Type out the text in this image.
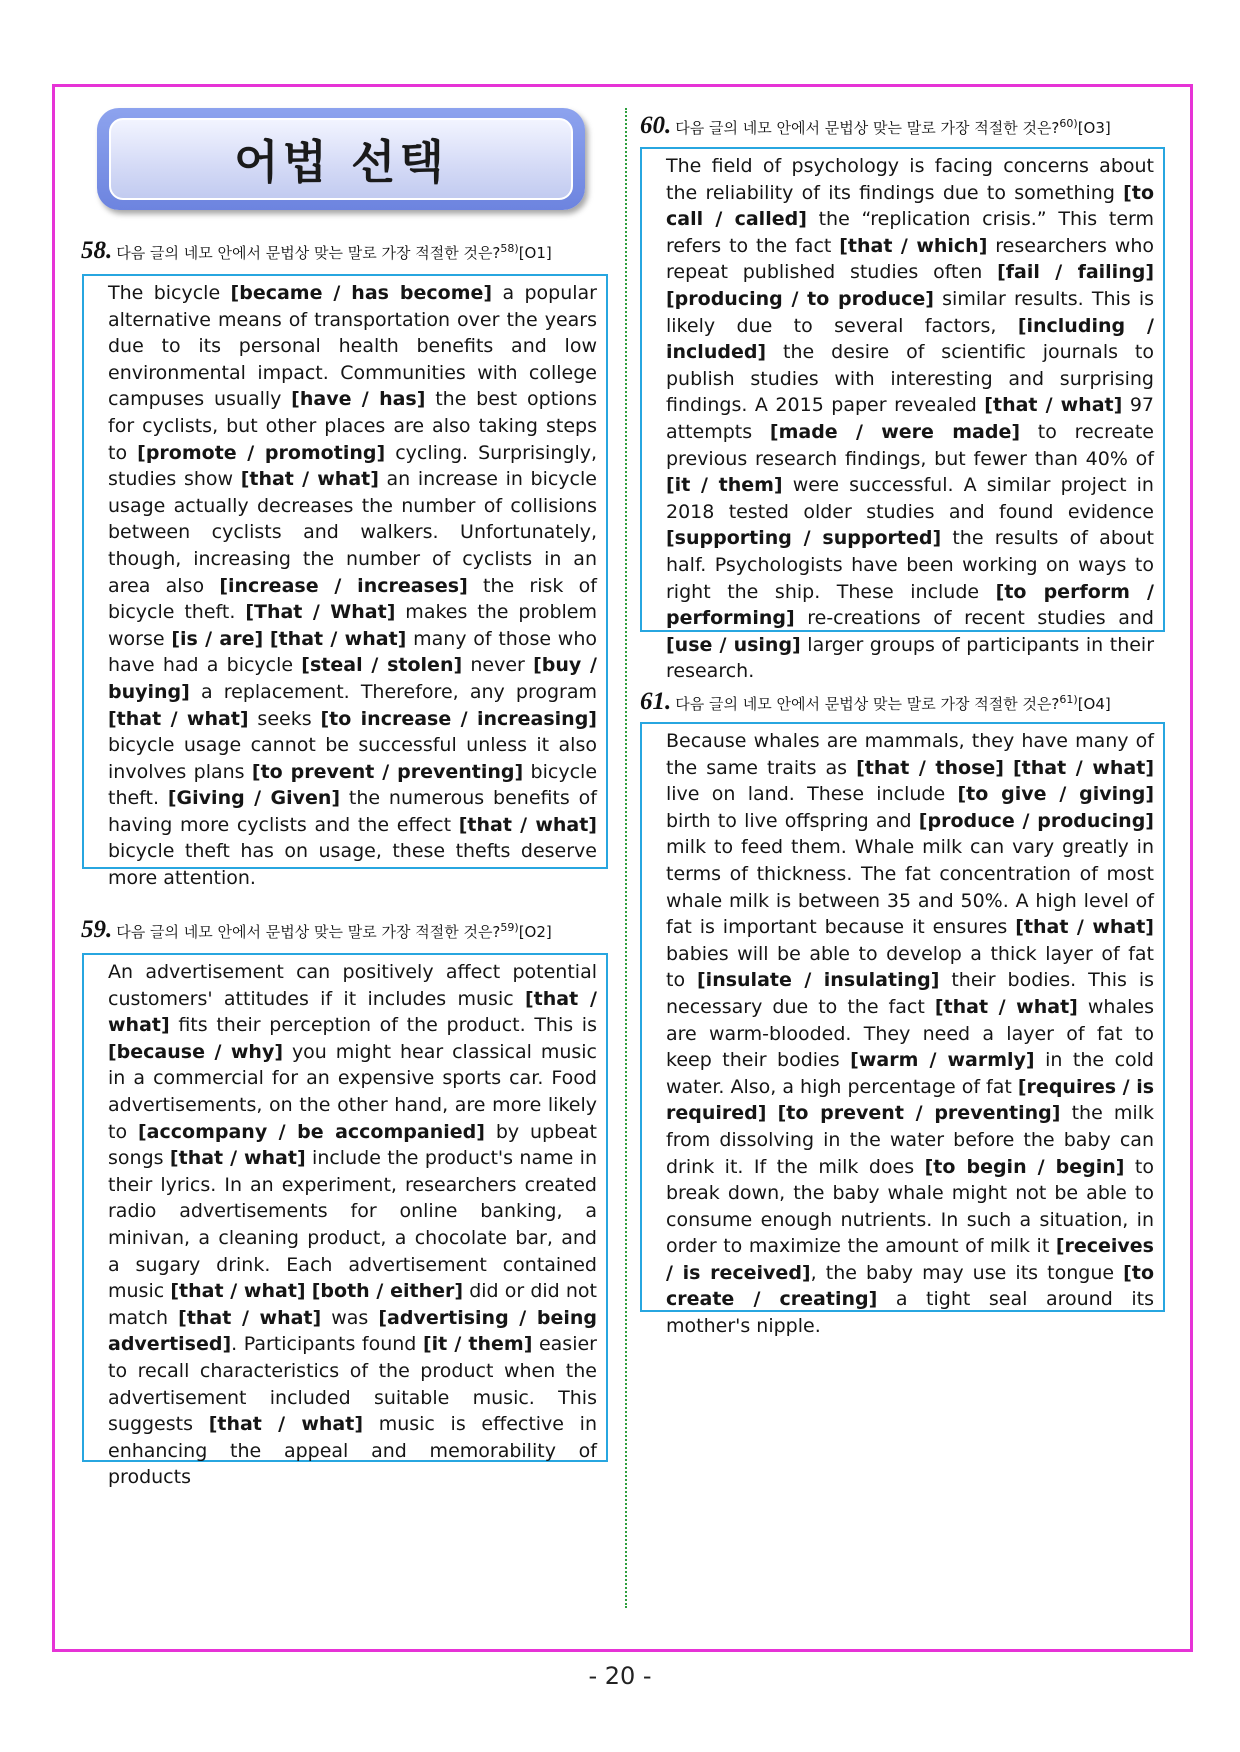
어법 선택
58. 다음 글의 네모 안에서 문법상 맞는 말로 가장 적절한 것은?$^{58)}$[O1]
The bicycle [became / has become] a popular alternative means of transportation over the years due to its personal health benefits and low environmental impact. Communities with college campuses usually [have / has] the best options for cyclists, but other places are also taking steps to [promote / promoting] cycling. Surprisingly, studies show [that / what] an increase in bicycle usage actually decreases the number of collisions between cyclists and walkers. Unfortunately, though, increasing the number of cyclists in an area also [increase / increases] the risk of bicycle theft. [That / What] makes the problem worse [is / are] [that / what] many of those who have had a bicycle [steal / stolen] never [buy / buying] a replacement. Therefore, any program [that / what] seeks [to increase / increasing] bicycle usage cannot be successful unless it also involves plans [to prevent / preventing] bicycle theft. [Giving / Given] the numerous benefits of having more cyclists and the effect [that / what] bicycle theft has on usage, these thefts deserve more attention.
59. 다음 글의 네모 안에서 문법상 맞는 말로 가장 적절한 것은?$^{59)}$[O2]
An advertisement can positively affect potential customers' attitudes if it includes music [that / what] fits their perception of the product. This is [because / why] you might hear classical music in a commercial for an expensive sports car. Food advertisements, on the other hand, are more likely to [accompany / be accompanied] by upbeat songs [that / what] include the product's name in their lyrics. In an experiment, researchers created radio advertisements for online banking, a minivan, a cleaning product, a chocolate bar, and a sugary drink. Each advertisement contained music [that / what] [both / either] did or did not match [that / what] was [advertising / being advertised]. Participants found [it / them] easier to recall characteristics of the product when the advertisement included suitable music. This suggests [that / what] music is effective in enhancing the appeal and memorability of products
60. 다음 글의 네모 안에서 문법상 맞는 말로 가장 적절한 것은?$^{60)}$[O3]
The field of psychology is facing concerns about the reliability of its findings due to something [to call / called] the “replication crisis.” This term refers to the fact [that / which] researchers who repeat published studies often [fail / failing] [producing / to produce] similar results. This is likely due to several factors, [including / included] the desire of scientific journals to publish studies with interesting and surprising findings. A 2015 paper revealed [that / what] 97 attempts [made / were made] to recreate previous research findings, but fewer than 40% of [it / them] were successful. A similar project in 2018 tested older studies and found evidence [supporting / supported] the results of about half. Psychologists have been working on ways to right the ship. These include [to perform / performing] re-creations of recent studies and [use / using] larger groups of participants in their research.
61. 다음 글의 네모 안에서 문법상 맞는 말로 가장 적절한 것은?$^{61)}$[O4]
Because whales are mammals, they have many of the same traits as [that / those] [that / what] live on land. These include [to give / giving] birth to live offspring and [produce / producing] milk to feed them. Whale milk can vary greatly in terms of thickness. The fat concentration of most whale milk is between 35 and 50%. A high level of fat is important because it ensures [that / what] babies will be able to develop a thick layer of fat to [insulate / insulating] their bodies. This is necessary due to the fact [that / what] whales are warm-blooded. They need a layer of fat to keep their bodies [warm / warmly] in the cold water. Also, a high percentage of fat [requires / is required] [to prevent / preventing] the milk from dissolving in the water before the baby can drink it. If the milk does [to begin / begin] to break down, the baby whale might not be able to consume enough nutrients. In such a situation, in order to maximize the amount of milk it [receives / is received], the baby may use its tongue [to create / creating] a tight seal around its mother's nipple.
- 20 -
